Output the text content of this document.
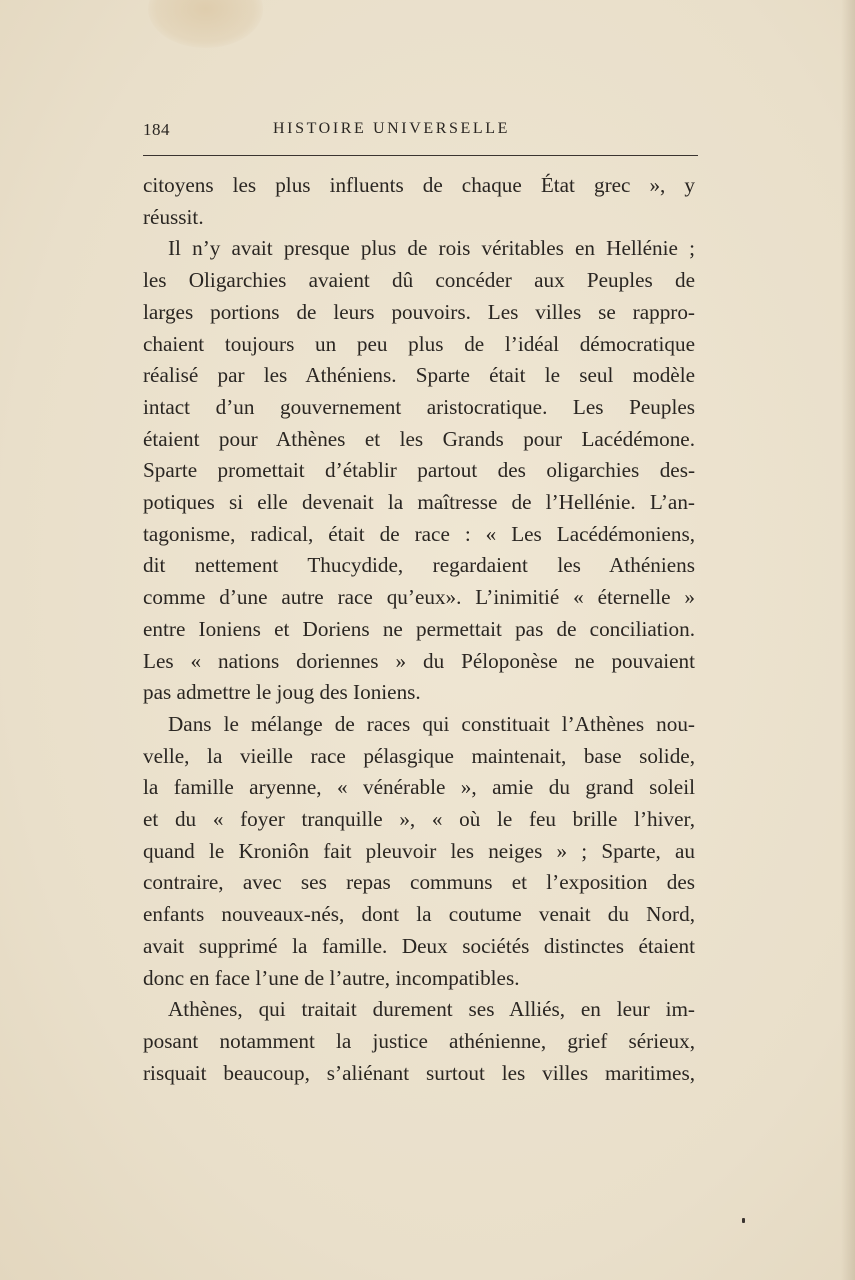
184	HISTOIRE UNIVERSELLE

citoyens les plus influents de chaque État grec », y

réussit.

Il n’y avait presque plus de rois véritables en Hellénie ;

les Oligarchies avaient dû concéder aux Peuples de

larges portions de leurs pouvoirs. Les villes se rappro-

chaient toujours un peu plus de l’idéal démocratique

réalisé par les Athéniens. Sparte était le seul modèle

intact d’un gouvernement aristocratique. Les Peuples

étaient pour Athènes et les Grands pour Lacédémone.

Sparte promettait d’établir partout des oligarchies des-

potiques si elle devenait la maîtresse de l’Hellénie. L’an-

tagonisme, radical, était de race : « Les Lacédémoniens,

dit nettement Thucydide, regardaient les Athéniens

comme d’une autre race qu’eux». L’inimitié « éternelle »

entre Ioniens et Doriens ne permettait pas de conciliation.

Les « nations doriennes » du Péloponèse ne pouvaient

pas admettre le joug des Ioniens.

Dans le mélange de races qui constituait l’Athènes nou-

velle, la vieille race pélasgique maintenait, base solide,

la famille aryenne, « vénérable », amie du grand soleil

et du « foyer tranquille », « où le feu brille l’hiver,

quand le Kroniôn fait pleuvoir les neiges » ; Sparte, au

contraire, avec ses repas communs et l’exposition des

enfants nouveaux-nés, dont la coutume venait du Nord,

avait supprimé la famille. Deux sociétés distinctes étaient

donc en face l’une de l’autre, incompatibles.

Athènes, qui traitait durement ses Alliés, en leur im-

posant notamment la justice athénienne, grief sérieux,

risquait beaucoup, s’aliénant surtout les villes maritimes,
